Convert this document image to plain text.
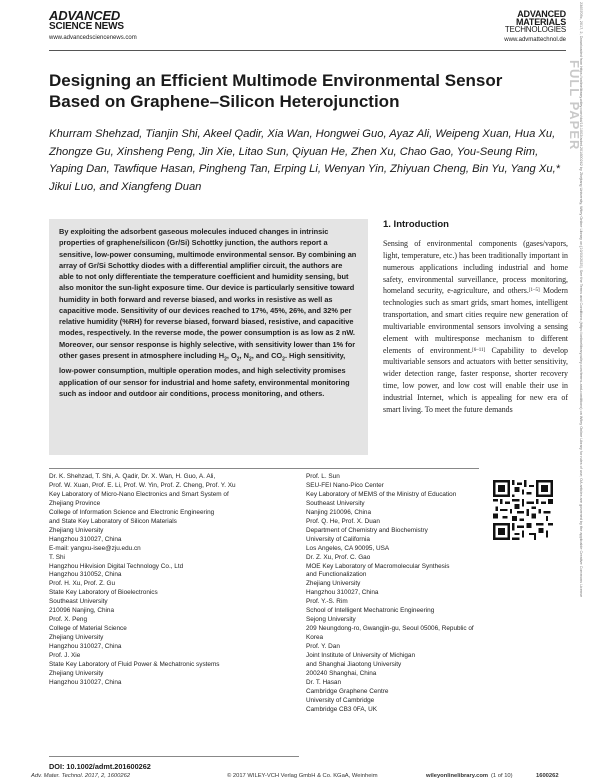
ADVANCED
SCIENCE NEWS
www.advancedsciencenews.com
ADVANCED
MATERIALS
TECHNOLOGIES
www.advmattechnol.de	2365709x, 2017, 2, Downloaded from https://onlinelibrary.wiley.com/doi/10.1002/admt.201600262 by Zhejiang University, Wiley Online Library on [10/03/2025]. See the Terms and Conditions (https://onlinelibrary.wiley.com/terms-and-conditions) on Wiley Online Library for rules of use; OA articles are governed by the applicable Creative Commons License
FULL PAPER
Designing an Efficient Multimode Environmental Sensor Based on Graphene–Silicon Heterojunction
Khurram Shehzad, Tianjin Shi, Akeel Qadir, Xia Wan, Hongwei Guo, Ayaz Ali, Weipeng Xuan, Hua Xu, Zhongze Gu, Xinsheng Peng, Jin Xie, Litao Sun, Qiyuan He, Zhen Xu, Chao Gao, You-Seung Rim, Yaping Dan, Tawfique Hasan, Pingheng Tan, Erping Li, Wenyan Yin, Zhiyuan Cheng, Bin Yu, Yang Xu,* Jikui Luo, and Xiangfeng Duan

By exploiting the adsorbent gaseous molecules induced changes in intrinsic properties of graphene/silicon (Gr/Si) Schottky junction, the authors report a sensitive, low-power consuming, multimode environmental sensor. By combining an array of Gr/Si Schottky diodes with a differential amplifier circuit, the authors are able to not only differentiate the temperature coefficient and humidity sensing, but also monitor the sun-light exposure time. Our device is particularly sensitive toward humidity in both forward and reverse biased, and works in resistive as well as capacitive mode. Sensitivity of our devices reached to 17%, 45%, 26%, and 32% per relative humidity (%RH) for reverse biased, forward biased, resistive, and capacitive modes, respectively. In the reverse mode, the power consumption is as low as 2 nW. Moreover, our sensor response is highly selective, with sensitivity lower than 1% for other gases present in atmosphere including $H_2$, $O_2$, $N_2$, and $CO_2$. High sensitivity, low-power consumption, multiple operation modes, and high selectivity promises application of our sensor for industrial and home safety, environmental monitoring such as indoor and outdoor air conditions, process monitoring, and others.

1. Introduction

Sensing of environmental components (gases/vapors, light, temperature, etc.) has been traditionally important in numerous applications including industrial and home safety, environmental surveillance, process monitoring, homeland security, e-agriculture, and others.[1–5] Modern technologies such as smart grids, smart homes, intelligent transportation, and smart cities require new generation of multivariable environmental sensors involving a sensing element with multiresponse mechanism to different elements of environment.[6–11] Capability to develop multivariable sensors and actuators with better sensitivity, wider detection range, faster response, shorter recovery time, low power, and low cost will enable their use in industrial Internet, which is appealing for new era of smart living. To meet the future demands

Dr. K. Shehzad, T. Shi, A. Qadir, Dr. X. Wan, H. Guo, A. Ali,
Prof. W. Xuan, Prof. E. Li, Prof. W. Yin, Prof. Z. Cheng, Prof. Y. Xu
Key Laboratory of Micro-Nano Electronics and Smart System of
Zhejiang Province
College of Information Science and Electronic Engineering
and State Key Laboratory of Silicon Materials
Zhejiang University
Hangzhou 310027, China
E-mail: yangxu-isee@zju.edu.cn
T. Shi
Hangzhou Hikvision Digital Technology Co., Ltd
Hangzhou 310052, China
Prof. H. Xu, Prof. Z. Gu
State Key Laboratory of Bioelectronics
Southeast University
210096 Nanjing, China
Prof. X. Peng
College of Material Science
Zhejiang University
Hangzhou 310027, China
Prof. J. Xie
State Key Laboratory of Fluid Power & Mechatronic systems
Zhejiang University
Hangzhou 310027, China
Prof. L. Sun
SEU-FEI Nano-Pico Center
Key Laboratory of MEMS of the Ministry of Education
Southeast University
Nanjing 210096, China
Prof. Q. He, Prof. X. Duan
Department of Chemistry and Biochemistry
University of California
Los Angeles, CA 90095, USA
Dr. Z. Xu, Prof. C. Gao
MOE Key Laboratory of Macromolecular Synthesis
and Functionalization
Zhejiang University
Hangzhou 310027, China
Prof. Y.-S. Rim
School of Intelligent Mechatronic Engineering
Sejong University
209 Neungdong-ro, Gwangjin-gu, Seoul 05006, Republic of Korea
Prof. Y. Dan
Joint Institute of University of Michigan
and Shanghai Jiaotong University
200240 Shanghai, China
Dr. T. Hasan
Cambridge Graphene Centre
University of Cambridge
Cambridge CB3 0FA, UK
DOI: 10.1002/admt.201600262
Adv. Mater. Technol. 2017, 2, 1600262	© 2017 WILEY-VCH Verlag GmbH & Co. KGaA, Weinheim	wileyonlinelibrary.com (1 of 10)	1600262
